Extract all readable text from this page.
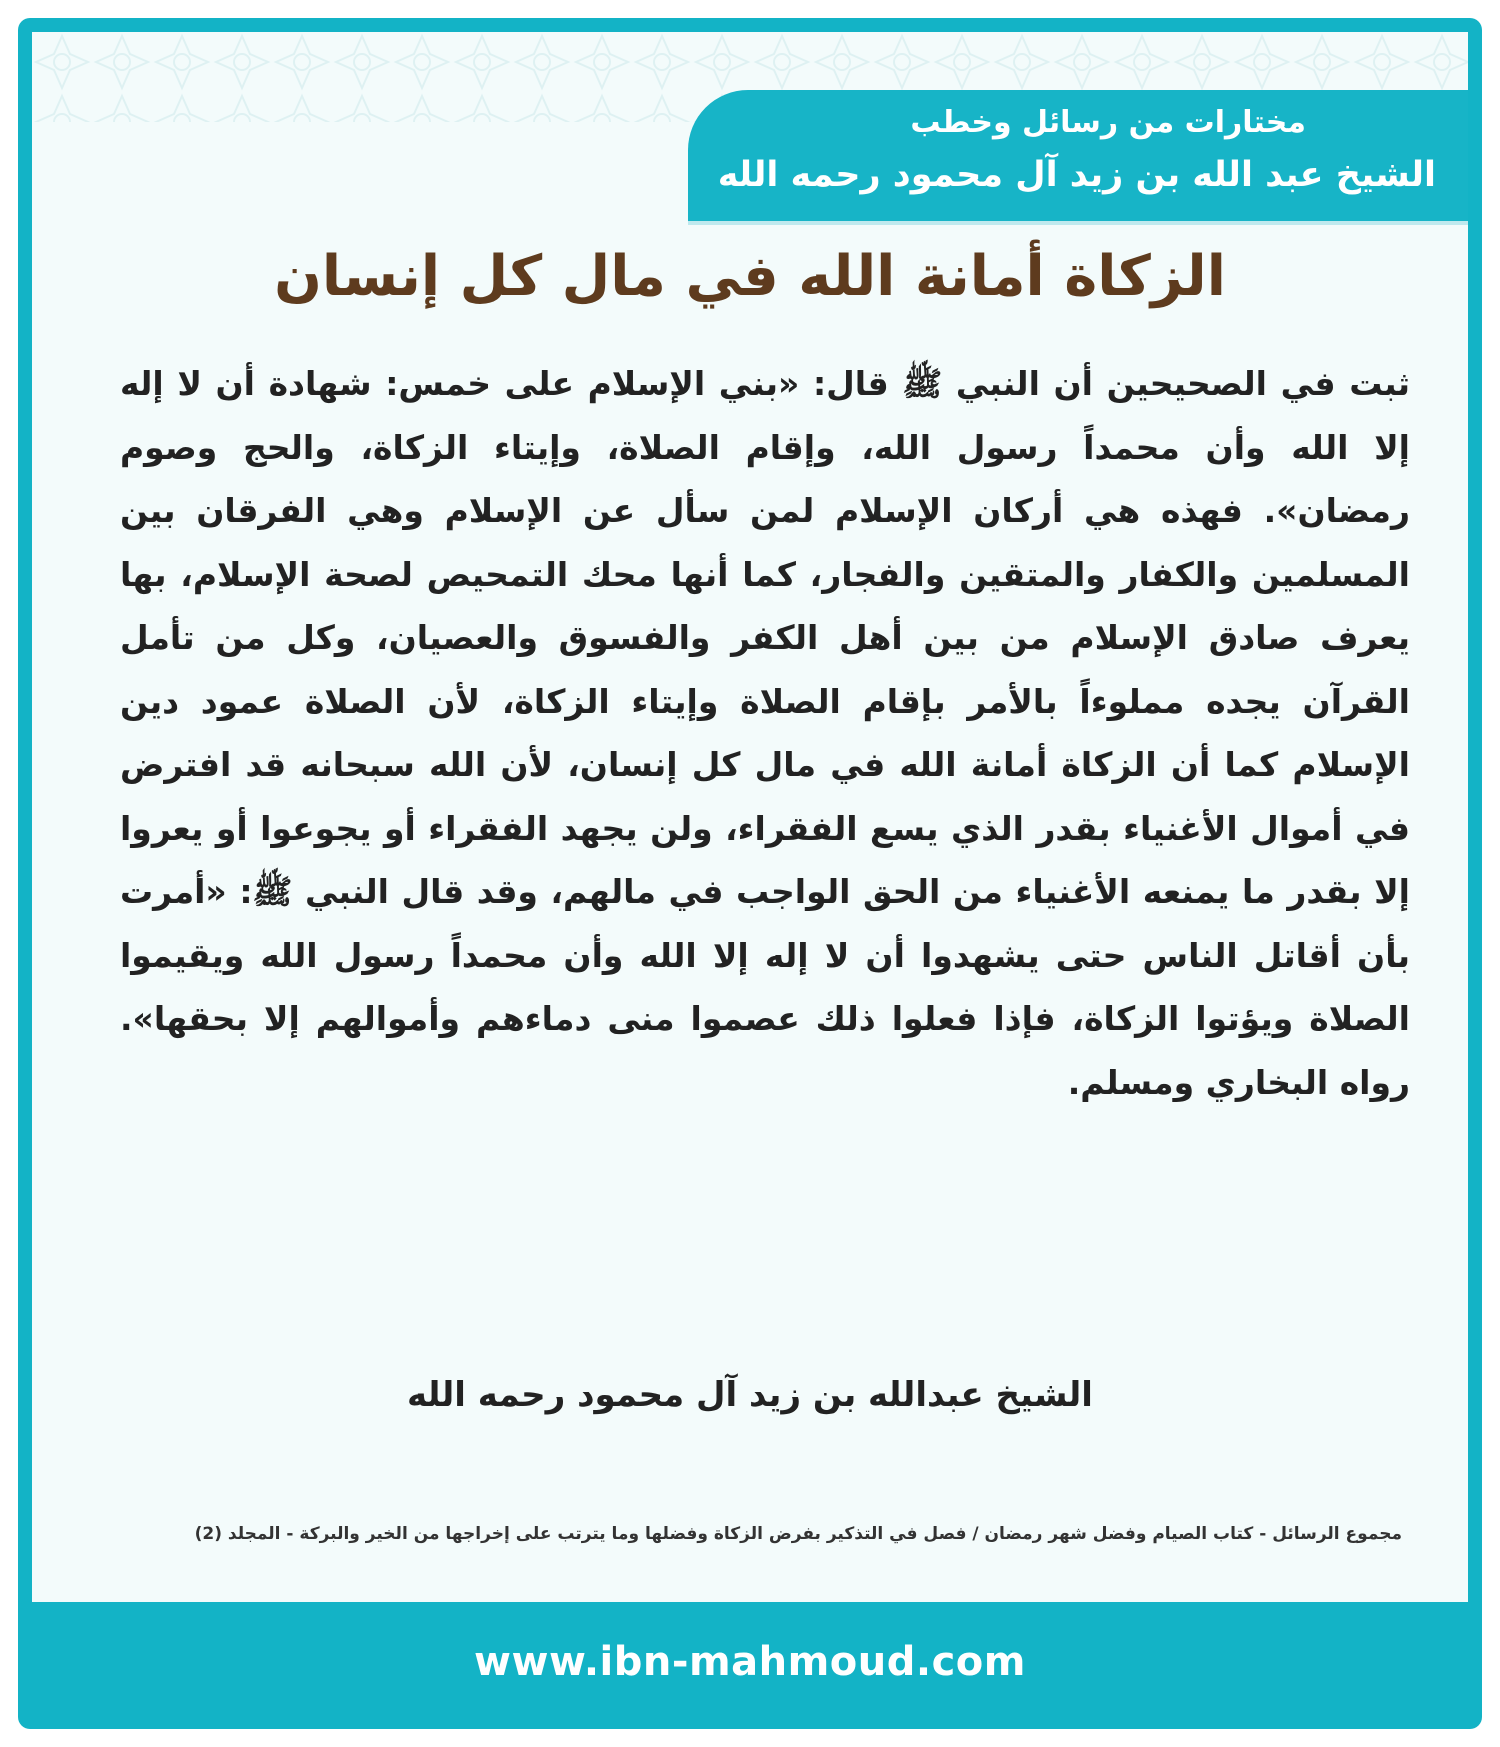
مختارات من رسائل وخطب
الشيخ عبد الله بن زيد آل محمود رحمه الله
الزكاة أمانة الله في مال كل إنسان
ثبت في الصحيحين أن النبي ﷺ قال: «بني الإسلام على خمس: شهادة أن لا إله إلا الله وأن محمداً رسول الله، وإقام الصلاة، وإيتاء الزكاة، والحج وصوم رمضان». فهذه هي أركان الإسلام لمن سأل عن الإسلام وهي الفرقان بين المسلمين والكفار والمتقين والفجار، كما أنها محك التمحيص لصحة الإسلام، بها يعرف صادق الإسلام من بين أهل الكفر والفسوق والعصيان، وكل من تأمل القرآن يجده مملوءاً بالأمر بإقام الصلاة وإيتاء الزكاة، لأن الصلاة عمود دين الإسلام كما أن الزكاة أمانة الله في مال كل إنسان، لأن الله سبحانه قد افترض في أموال الأغنياء بقدر الذي يسع الفقراء، ولن يجهد الفقراء أو يجوعوا أو يعروا إلا بقدر ما يمنعه الأغنياء من الحق الواجب في مالهم، وقد قال النبي ﷺ: «أمرت بأن أقاتل الناس حتى يشهدوا أن لا إله إلا الله وأن محمداً رسول الله ويقيموا الصلاة ويؤتوا الزكاة، فإذا فعلوا ذلك عصموا منى دماءهم وأموالهم إلا بحقها». رواه البخاري ومسلم.
الشيخ عبدالله بن زيد آل محمود رحمه الله
مجموع الرسائل - كتاب الصيام وفضل شهر رمضان / فصل في التذكير بفرض الزكاة وفضلها وما يترتب على إخراجها من الخير والبركة - المجلد (2)
www.ibn-mahmoud.com
